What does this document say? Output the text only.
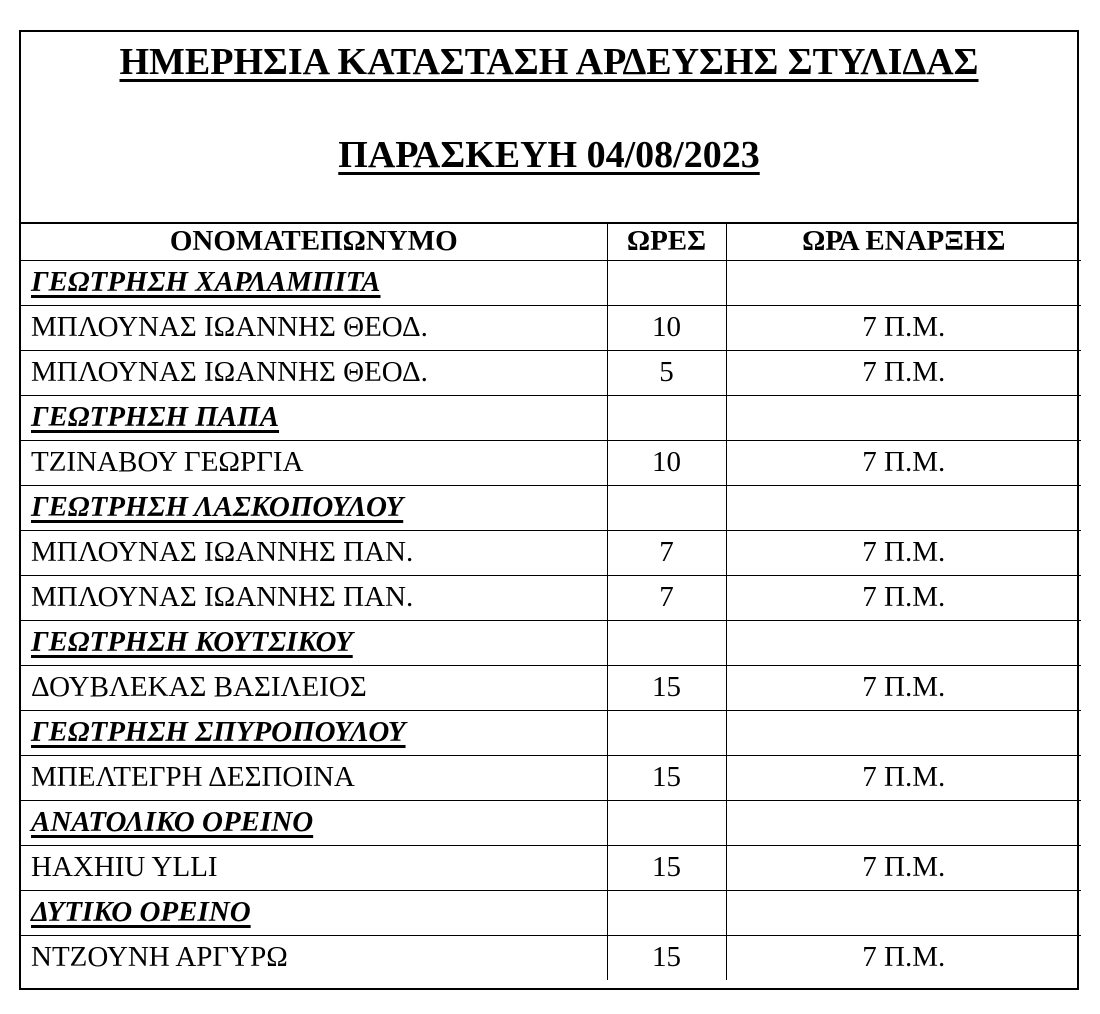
ΗΜΕΡΗΣΙΑ ΚΑΤΑΣΤΑΣΗ ΑΡΔΕΥΣΗΣ ΣΤΥΛΙΔΑΣ
ΠΑΡΑΣΚΕΥΗ 04/08/2023
ΟΝΟΜΑΤΕΠΩΝΥΜΟ	ΩΡΕΣ	ΩΡΑ ΕΝΑΡΞΗΣ
ΓΕΩΤΡΗΣΗ ΧΑΡΛΑΜΠΙΤΑ		
ΜΠΛΟΥΝΑΣ ΙΩΑΝΝΗΣ ΘΕΟΔ.	10	7 Π.Μ.
ΜΠΛΟΥΝΑΣ ΙΩΑΝΝΗΣ ΘΕΟΔ.	5	7 Π.Μ.
ΓΕΩΤΡΗΣΗ ΠΑΠΑ		
ΤΖΙΝΑΒΟΥ ΓΕΩΡΓΙΑ	10	7 Π.Μ.
ΓΕΩΤΡΗΣΗ ΛΑΣΚΟΠΟΥΛΟΥ		
ΜΠΛΟΥΝΑΣ ΙΩΑΝΝΗΣ ΠΑΝ.	7	7 Π.Μ.
ΜΠΛΟΥΝΑΣ ΙΩΑΝΝΗΣ ΠΑΝ.	7	7 Π.Μ.
ΓΕΩΤΡΗΣΗ ΚΟΥΤΣΙΚΟΥ		
ΔΟΥΒΛΕΚΑΣ ΒΑΣΙΛΕΙΟΣ	15	7 Π.Μ.
ΓΕΩΤΡΗΣΗ ΣΠΥΡΟΠΟΥΛΟΥ		
ΜΠΕΛΤΕΓΡΗ ΔΕΣΠΟΙΝΑ	15	7 Π.Μ.
ΑΝΑΤΟΛΙΚΟ ΟΡΕΙΝΟ		
HAXHIU YLLI	15	7 Π.Μ.
ΔΥΤΙΚΟ ΟΡΕΙΝΟ		
ΝΤΖΟΥΝΗ ΑΡΓΥΡΩ	15	7 Π.Μ.
